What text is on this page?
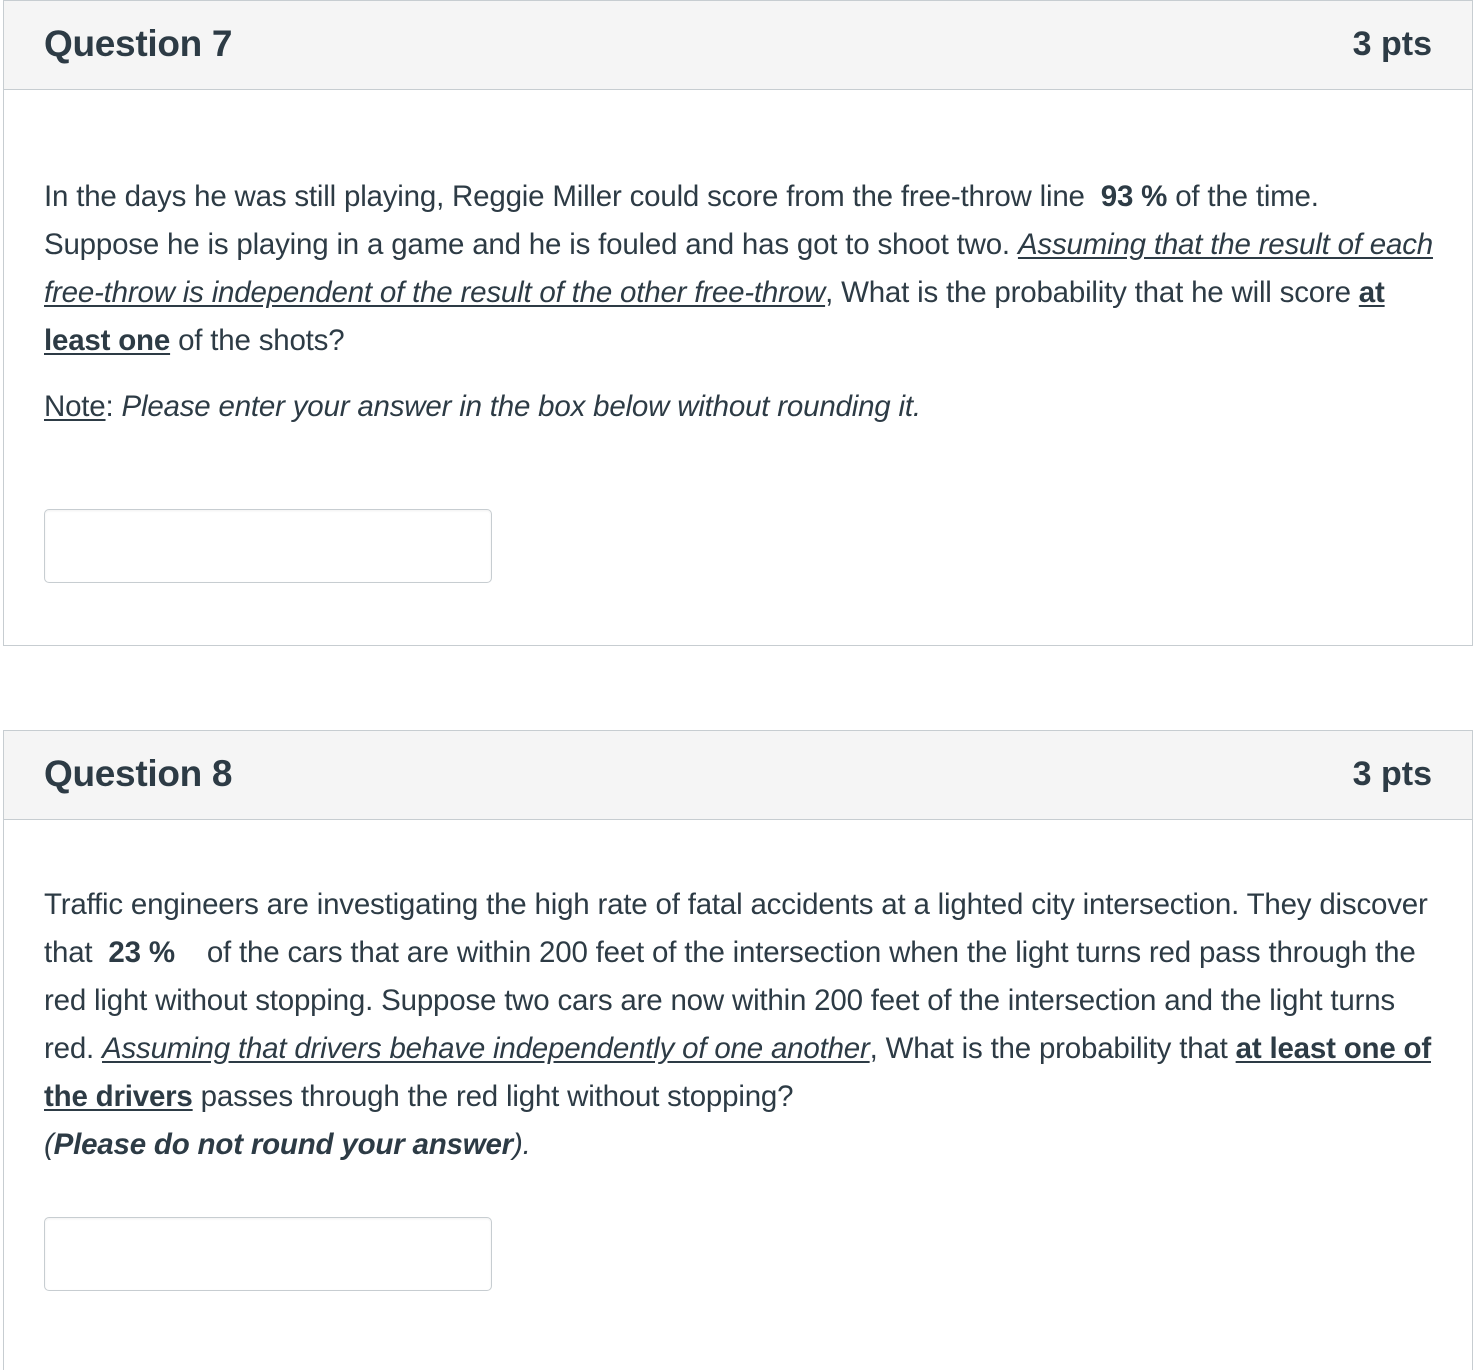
Question 7	3 pts

In the days he was still playing, Reggie Miller could score from the free-throw line  93 % of the time. Suppose he is playing in a game and he is fouled and has got to shoot two. Assuming that the result of each free-throw is independent of the result of the other free-throw, What is the probability that he will score at least one of the shots?

Note: Please enter your answer in the box below without rounding it.

Question 8	3 pts

Traffic engineers are investigating the high rate of fatal accidents at a lighted city intersection. They discover that  23 %    of the cars that are within 200 feet of the intersection when the light turns red pass through the red light without stopping. Suppose two cars are now within 200 feet of the intersection and the light turns red. Assuming that drivers behave independently of one another, What is the probability that at least one of the drivers passes through the red light without stopping?
(Please do not round your answer).
